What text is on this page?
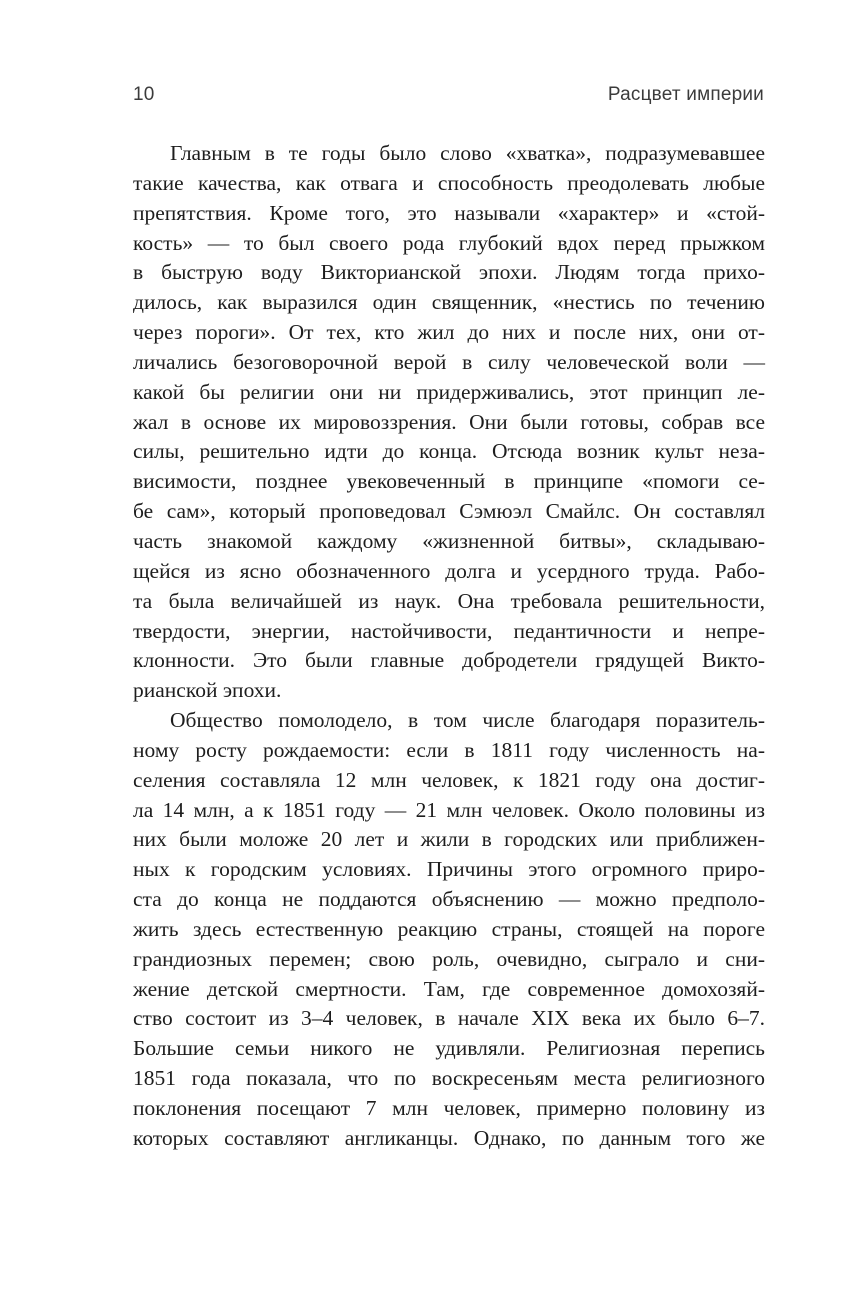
10	Расцвет империи
Главным в те годы было слово «хватка», подразумевавшее
такие качества, как отвага и способность преодолевать любые
препятствия. Кроме того, это называли «характер» и «стой-
кость» — то был своего рода глубокий вдох перед прыжком
в быструю воду Викторианской эпохи. Людям тогда прихо-
дилось, как выразился один священник, «нестись по течению
через пороги». От тех, кто жил до них и после них, они от-
личались безоговорочной верой в силу человеческой воли —
какой бы религии они ни придерживались, этот принцип ле-
жал в основе их мировоззрения. Они были готовы, собрав все
силы, решительно идти до конца. Отсюда возник культ неза-
висимости, позднее увековеченный в принципе «помоги се-
бе сам», который проповедовал Сэмюэл Смайлс. Он составлял
часть знакомой каждому «жизненной битвы», складываю-
щейся из ясно обозначенного долга и усердного труда. Рабо-
та была величайшей из наук. Она требовала решительности,
твердости, энергии, настойчивости, педантичности и непре-
клонности. Это были главные добродетели грядущей Викто-
рианской эпохи.
Общество помолодело, в том числе благодаря поразитель-
ному росту рождаемости: если в 1811 году численность на-
селения составляла 12 млн человек, к 1821 году она достиг-
ла 14 млн, а к 1851 году — 21 млн человек. Около половины из
них были моложе 20 лет и жили в городских или приближен-
ных к городским условиях. Причины этого огромного приро-
ста до конца не поддаются объяснению — можно предполо-
жить здесь естественную реакцию страны, стоящей на пороге
грандиозных перемен; свою роль, очевидно, сыграло и сни-
жение детской смертности. Там, где современное домохозяй-
ство состоит из 3–4 человек, в начале XIX века их было 6–7.
Большие семьи никого не удивляли. Религиозная перепись
1851 года показала, что по воскресеньям места религиозного
поклонения посещают 7 млн человек, примерно половину из
которых составляют англиканцы. Однако, по данным того же
